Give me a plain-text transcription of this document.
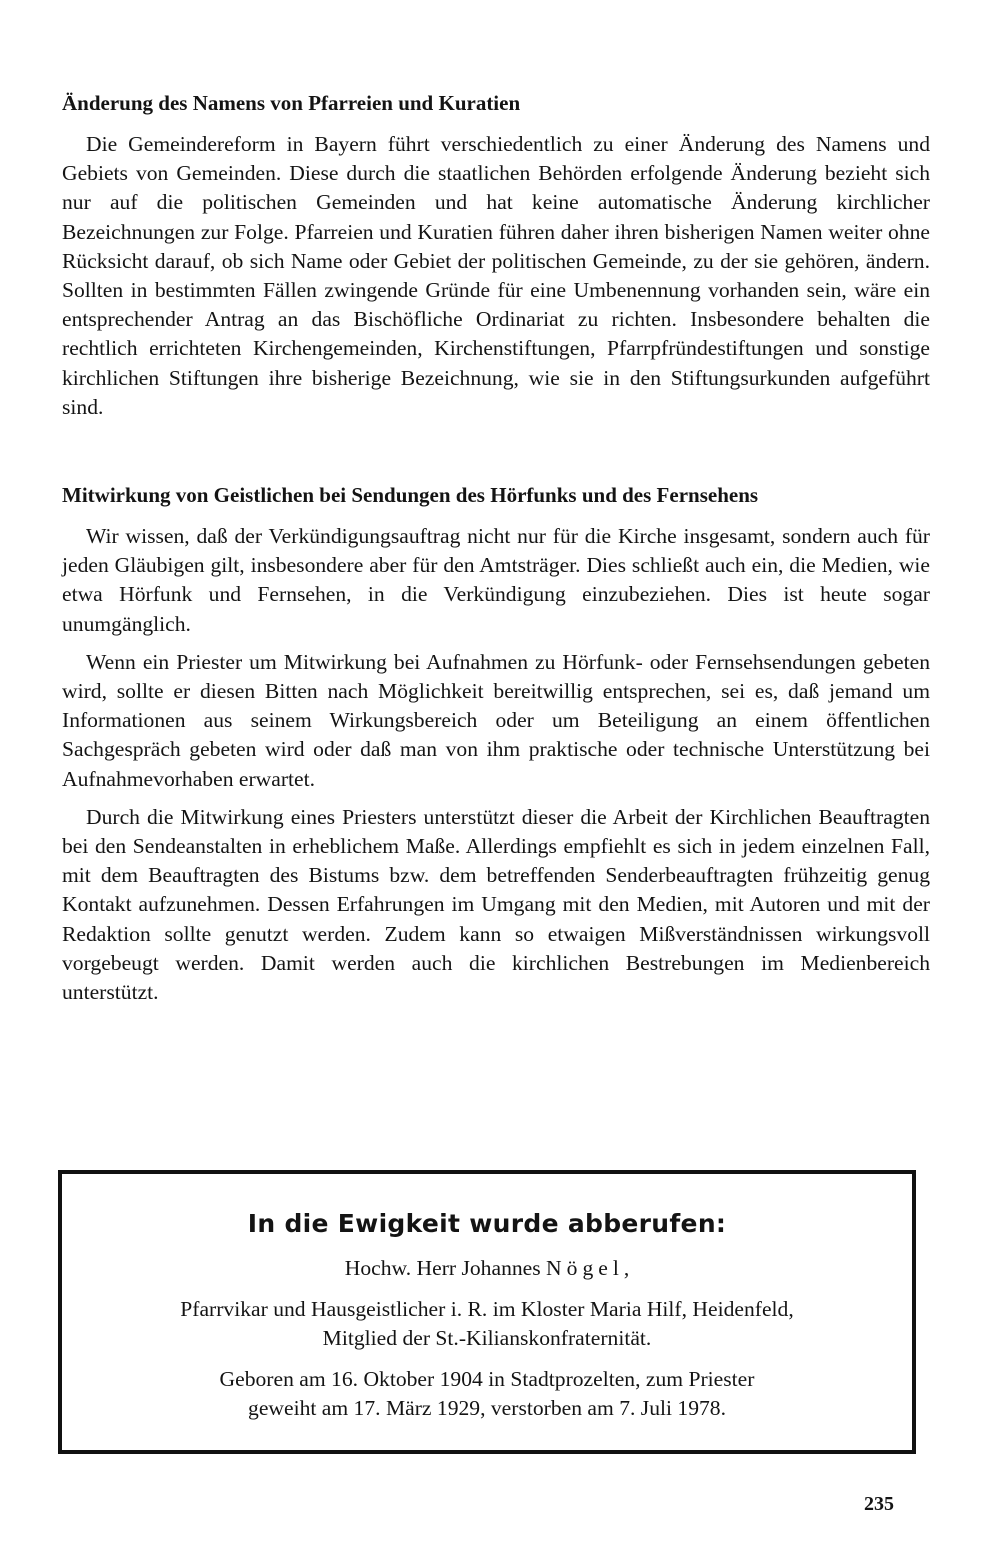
Änderung des Namens von Pfarreien und Kuratien

Die Gemeindereform in Bayern führt verschiedentlich zu einer Änderung des Namens und Gebiets von Gemeinden. Diese durch die staatlichen Behörden erfolgende Änderung bezieht sich nur auf die politischen Gemeinden und hat keine automatische Änderung kirchlicher Bezeichnungen zur Folge. Pfarreien und Kuratien führen daher ihren bisherigen Namen weiter ohne Rücksicht darauf, ob sich Name oder Gebiet der politischen Gemeinde, zu der sie gehören, ändern. Sollten in bestimmten Fällen zwingende Gründe für eine Umbenennung vorhanden sein, wäre ein entsprechender Antrag an das Bischöfliche Ordinariat zu richten. Insbesondere behalten die rechtlich errichteten Kirchengemeinden, Kirchenstiftungen, Pfarrpfründestiftungen und sonstige kirchlichen Stiftungen ihre bisherige Bezeichnung, wie sie in den Stiftungsurkunden aufgeführt sind.

Mitwirkung von Geistlichen bei Sendungen des Hörfunks und des Fernsehens

Wir wissen, daß der Verkündigungsauftrag nicht nur für die Kirche insgesamt, sondern auch für jeden Gläubigen gilt, insbesondere aber für den Amtsträger. Dies schließt auch ein, die Medien, wie etwa Hörfunk und Fernsehen, in die Verkündigung einzubeziehen. Dies ist heute sogar unumgänglich.

Wenn ein Priester um Mitwirkung bei Aufnahmen zu Hörfunk- oder Fernsehsendungen gebeten wird, sollte er diesen Bitten nach Möglichkeit bereitwillig entsprechen, sei es, daß jemand um Informationen aus seinem Wirkungsbereich oder um Beteiligung an einem öffentlichen Sachgespräch gebeten wird oder daß man von ihm praktische oder technische Unterstützung bei Aufnahmevorhaben erwartet.

Durch die Mitwirkung eines Priesters unterstützt dieser die Arbeit der Kirchlichen Beauftragten bei den Sendeanstalten in erheblichem Maße. Allerdings empfiehlt es sich in jedem einzelnen Fall, mit dem Beauftragten des Bistums bzw. dem betreffenden Senderbeauftragten frühzeitig genug Kontakt aufzunehmen. Dessen Erfahrungen im Umgang mit den Medien, mit Autoren und mit der Redaktion sollte genutzt werden. Zudem kann so etwaigen Mißverständnissen wirkungsvoll vorgebeugt werden. Damit werden auch die kirchlichen Bestrebungen im Medienbereich unterstützt.

In die Ewigkeit wurde abberufen:

Hochw. Herr Johannes Nögel,

Pfarrvikar und Hausgeistlicher i. R. im Kloster Maria Hilf, Heidenfeld,

Mitglied der St.-Kilianskonfraternität.

Geboren am 16. Oktober 1904 in Stadtprozelten, zum Priester

geweiht am 17. März 1929, verstorben am 7. Juli 1978.

235
